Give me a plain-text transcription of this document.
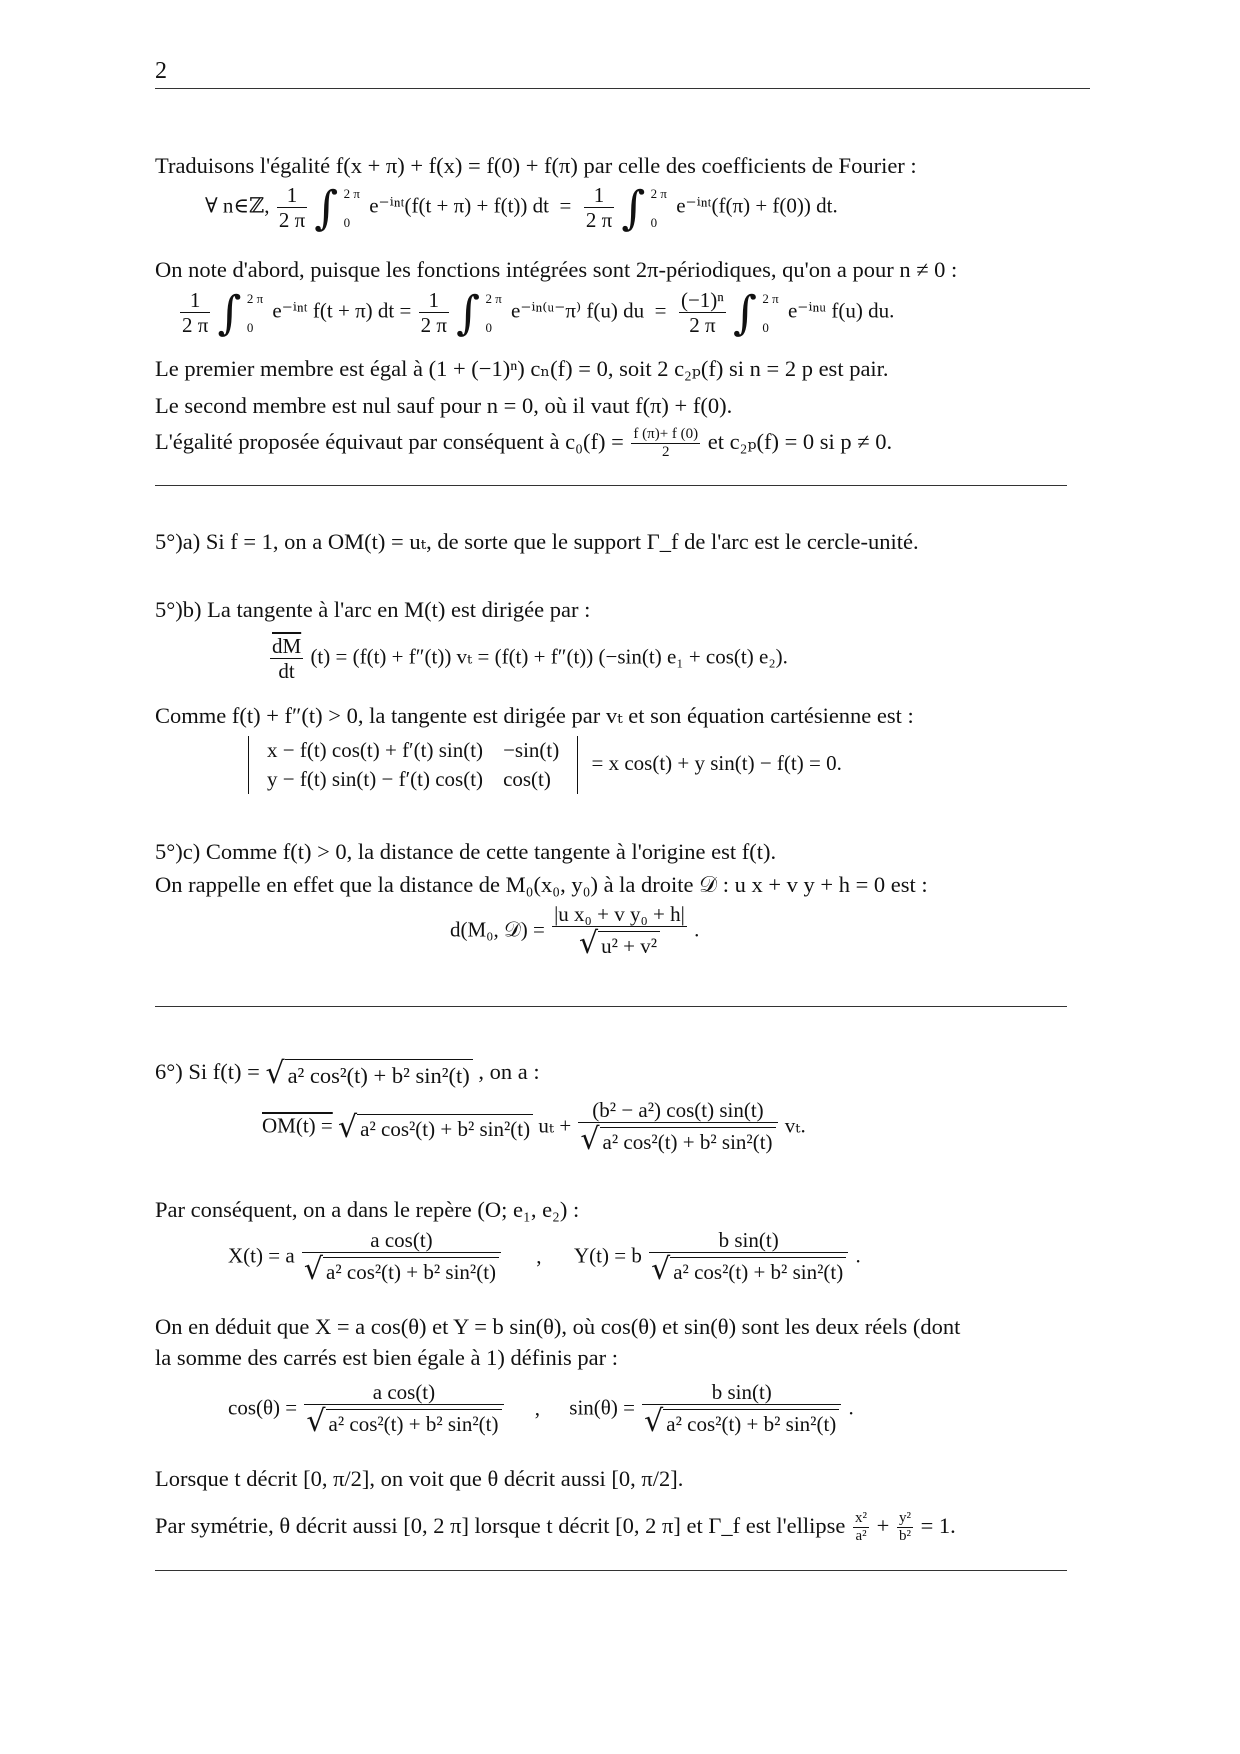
2
Traduisons l'égalité f(x + π) + f(x) = f(0) + f(π) par celle des coefficients de Fourier :
∀ n∈ℤ, $\frac{1}{2 \pi}$ ∫ 2 π
0
e⁻ⁱⁿᵗ(f(t + π) + f(t)) dt  = $\frac{1}{2 \pi}$ ∫ 2 π
0
e⁻ⁱⁿᵗ(f(π) + f(0)) dt.
On note d'abord, puisque les fonctions intégrées sont 2π-périodiques, qu'on a pour n ≠ 0 :
$\frac{1}{2 \pi}$ ∫ 2 π
0
e⁻ⁱⁿᵗ f(t + π) dt = $\frac{1}{2 \pi}$ ∫ 2 π
0
e⁻ⁱⁿ⁽ᵘ⁻π⁾ f(u) du  = $\frac{\text{(−1)ⁿ}}{2 \pi}$ ∫ 2 π
0
e⁻ⁱⁿᵘ f(u) du.
Le premier membre est égal à (1 + (−1)ⁿ) cₙ(f) = 0, soit 2 c₂ₚ(f) si n = 2 p est pair.
Le second membre est nul sauf pour n = 0, où il vaut f(π) + f(0).
L'égalité proposée équivaut par conséquent à $c_0(f) = \frac{f (\pi)+ f (0)}{2}$ et c₂ₚ(f) = 0 si p ≠ 0.
5°)a) Si f = 1, on a OM(t) = uₜ, de sorte que le support Γ_f de l'arc est le cercle-unité.
5°)b) La tangente à l'arc en M(t) est dirigée par :
$\frac{\overline{dM}}{dt} (t) = (f(t) + f''(t)) v_t = (f(t) + f''(t))$ (−sin(t) e₁ + cos(t) e₂).
Comme f(t) + f″(t) > 0, la tangente est dirigée par vₜ et son équation cartésienne est :
x − f(t) cos(t) + f′(t) sin(t)	−sin(t)
y − f(t) sin(t) − f′(t) cos(t)	cos(t)
= x cos(t) + y sin(t) − f(t) = 0.
5°)c) Comme f(t) > 0, la distance de cette tangente à l'origine est f(t).
On rappelle en effet que la distance de M₀(x₀, y₀) à la droite 𝒟 : u x + v y + h = 0 est :
d(M₀, 𝒟) = $\frac{\text{|u x₀ + v y₀ + h|}}{\text{√ u² + v²}}$ .
6°) Si f(t) = √ a² cos²(t) + b² sin²(t) , on a :
OM(t) = √ a² cos²(t) + b² sin²(t) $u_t + \frac{\text{(b² − a²) cos(t) sin(t)}}{\text{√ a² cos²(t) + b² sin²(t)}} v_t$.
Par conséquent, on a dans le repère (O; e₁, e₂) :
X(t) = a $\frac{\text{a cos(t)}}{\text{√ a² cos²(t) + b² sin²(t)}}$ , Y(t) = b $\frac{\text{b sin(t)}}{\text{√ a² cos²(t) + b² sin²(t)}}$ .
On en déduit que X = a cos(θ) et Y = b sin(θ), où cos(θ) et sin(θ) sont les deux réels (dont
la somme des carrés est bien égale à 1) définis par :
$\cos(\theta) = \frac{\text{a cos(t)}}{\text{√ a² cos²(t) + b² sin²(t)}}$ , $\sin(\theta) = \frac{\text{b sin(t)}}{\text{√ a² cos²(t) + b² sin²(t)}}$ .
Lorsque t décrit [0, π/2], on voit que θ décrit aussi [0, π/2].
Par symétrie, θ décrit aussi [0, 2 π] lorsque t décrit [0, 2 π] et Γ_f est l'ellipse $\frac{\text{x²}}{\text{a²}} + \frac{\text{y²}}{\text{b²}} = 1$.
